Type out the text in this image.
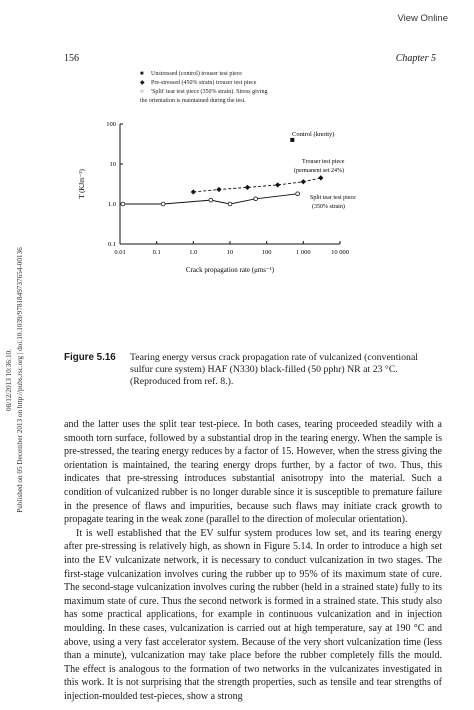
View Online
156	Chapter 5
08/12/2013 10:36:10. Published on 05 December 2013 on http://pubs.rsc.org | doi:10.1039/9781849737654-00136
■	Unstressed (control) trouser test piece
◆	Pre-stressed (450% strain) trouser test piece
○	'Split' tear test piece (350% strain). Stress giving
the orientation is maintained during the test.
0.01	0.1	1.0	10	100	1 000	10 000
0.1
1.0
10
100
T (KJm⁻²)
Crack propagation rate (μms⁻¹)
Control (knotty)
Trouser test piece
(permanent set 24%)
Split tear test piece
(350% strain)
Figure 5.16 Tearing energy versus crack propagation rate of vulcanized (conventional sulfur cure system) HAF (N330) black-filled (50 pphr) NR at 23 °C. (Reproduced from ref. 8.).

and the latter uses the split tear test-piece. In both cases, tearing proceeded steadily with a smooth torn surface, followed by a substantial drop in the tearing energy. When the sample is pre-stressed, the tearing energy reduces by a factor of 15. However, when the stress giving the orientation is maintained, the tearing energy drops further, by a factor of two. Thus, this indicates that pre-stressing introduces substantial anisotropy into the material. Such a condition of vulcanized rubber is no longer durable since it is susceptible to premature failure in the presence of flaws and impurities, because such flaws may initiate crack growth to propagate tearing in the weak zone (parallel to the direction of molecular orientation).

It is well established that the EV sulfur system produces low set, and its tearing energy after pre-stressing is relatively high, as shown in Figure 5.14. In order to introduce a high set into the EV vulcanizate network, it is necessary to conduct vulcanization in two stages. The first-stage vulcanization involves curing the rubber up to 95% of its maximum state of cure. The second-stage vulcanization involves curing the rubber (held in a strained state) fully to its maximum state of cure. Thus the second network is formed in a strained state. This study also has some practical applications, for example in continuous vulcanization and in injection moulding. In these cases, vulcanization is carried out at high temperature, say at 190 °C and above, using a very fast accelerator system. Because of the very short vulcanization time (less than a minute), vulcanization may take place before the rubber completely fills the mould. The effect is analogous to the formation of two networks in the vulcanizates investigated in this work. It is not surprising that the strength properties, such as tensile and tear strengths of injection-moulded test-pieces, show a strong
